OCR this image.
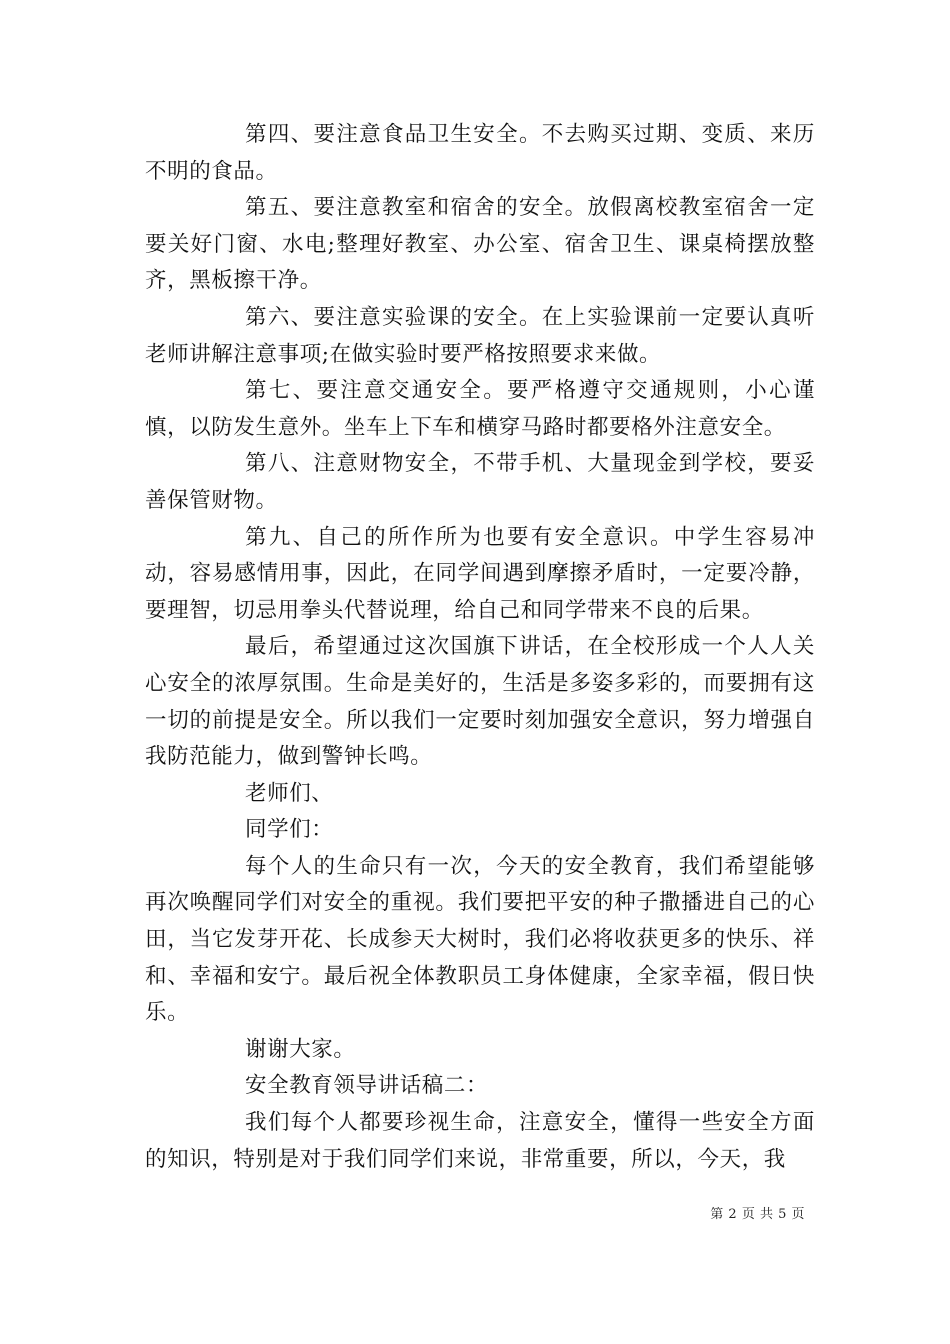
第四、要注意食品卫生安全。不去购买过期、变质、来历不明的食品。

第五、要注意教室和宿舍的安全。放假离校教室宿舍一定要关好门窗、水电;整理好教室、办公室、宿舍卫生、课桌椅摆放整齐，黑板擦干净。

第六、要注意实验课的安全。在上实验课前一定要认真听老师讲解注意事项;在做实验时要严格按照要求来做。

第七、要注意交通安全。要严格遵守交通规则，小心谨慎，以防发生意外。坐车上下车和横穿马路时都要格外注意安全。

第八、注意财物安全，不带手机、大量现金到学校，要妥善保管财物。

第九、自己的所作所为也要有安全意识。中学生容易冲动，容易感情用事，因此，在同学间遇到摩擦矛盾时，一定要冷静，要理智，切忌用拳头代替说理，给自己和同学带来不良的后果。

最后，希望通过这次国旗下讲话，在全校形成一个人人关心安全的浓厚氛围。生命是美好的，生活是多姿多彩的，而要拥有这一切的前提是安全。所以我们一定要时刻加强安全意识，努力增强自我防范能力，做到警钟长鸣。

老师们、

同学们：

每个人的生命只有一次，今天的安全教育，我们希望能够再次唤醒同学们对安全的重视。我们要把平安的种子撒播进自己的心田，当它发芽开花、长成参天大树时，我们必将收获更多的快乐、祥和、幸福和安宁。最后祝全体教职员工身体健康，全家幸福，假日快乐。

谢谢大家。

安全教育领导讲话稿二：

我们每个人都要珍视生命，注意安全，懂得一些安全方面的知识，特别是对于我们同学们来说，非常重要，所以，今天，我

第 2 页 共 5 页
